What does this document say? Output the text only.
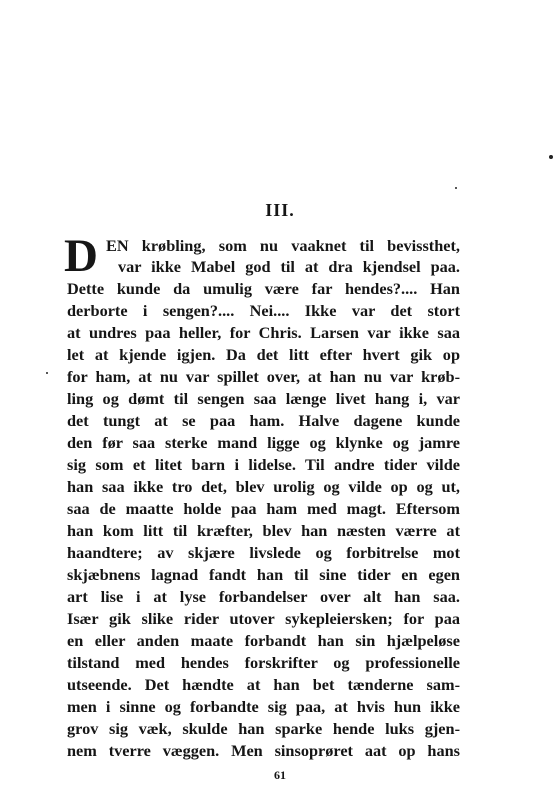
III.
D EN krøbling, som nu vaaknet til bevissthet,

var ikke Mabel god til at dra kjendsel paa.

Dette kunde da umulig være far hendes?.... Han

derborte i sengen?.... Nei.... Ikke var det stort

at undres paa heller, for Chris. Larsen var ikke saa

let at kjende igjen. Da det litt efter hvert gik op

for ham, at nu var spillet over, at han nu var krøb-

ling og dømt til sengen saa længe livet hang i, var

det tungt at se paa ham. Halve dagene kunde

den før saa sterke mand ligge og klynke og jamre

sig som et litet barn i lidelse. Til andre tider vilde

han saa ikke tro det, blev urolig og vilde op og ut,

saa de maatte holde paa ham med magt. Eftersom

han kom litt til kræfter, blev han næsten værre at

haandtere; av skjære livslede og forbitrelse mot

skjæbnens lagnad fandt han til sine tider en egen

art lise i at lyse forbandelser over alt han saa.

Især gik slike rider utover sykepleiersken; for paa

en eller anden maate forbandt han sin hjælpeløse

tilstand med hendes forskrifter og professionelle

utseende. Det hændte at han bet tænderne sam-

men i sinne og forbandte sig paa, at hvis hun ikke

grov sig væk, skulde han sparke hende luks gjen-

nem tverre væggen. Men sinsoprøret aat op hans

61
